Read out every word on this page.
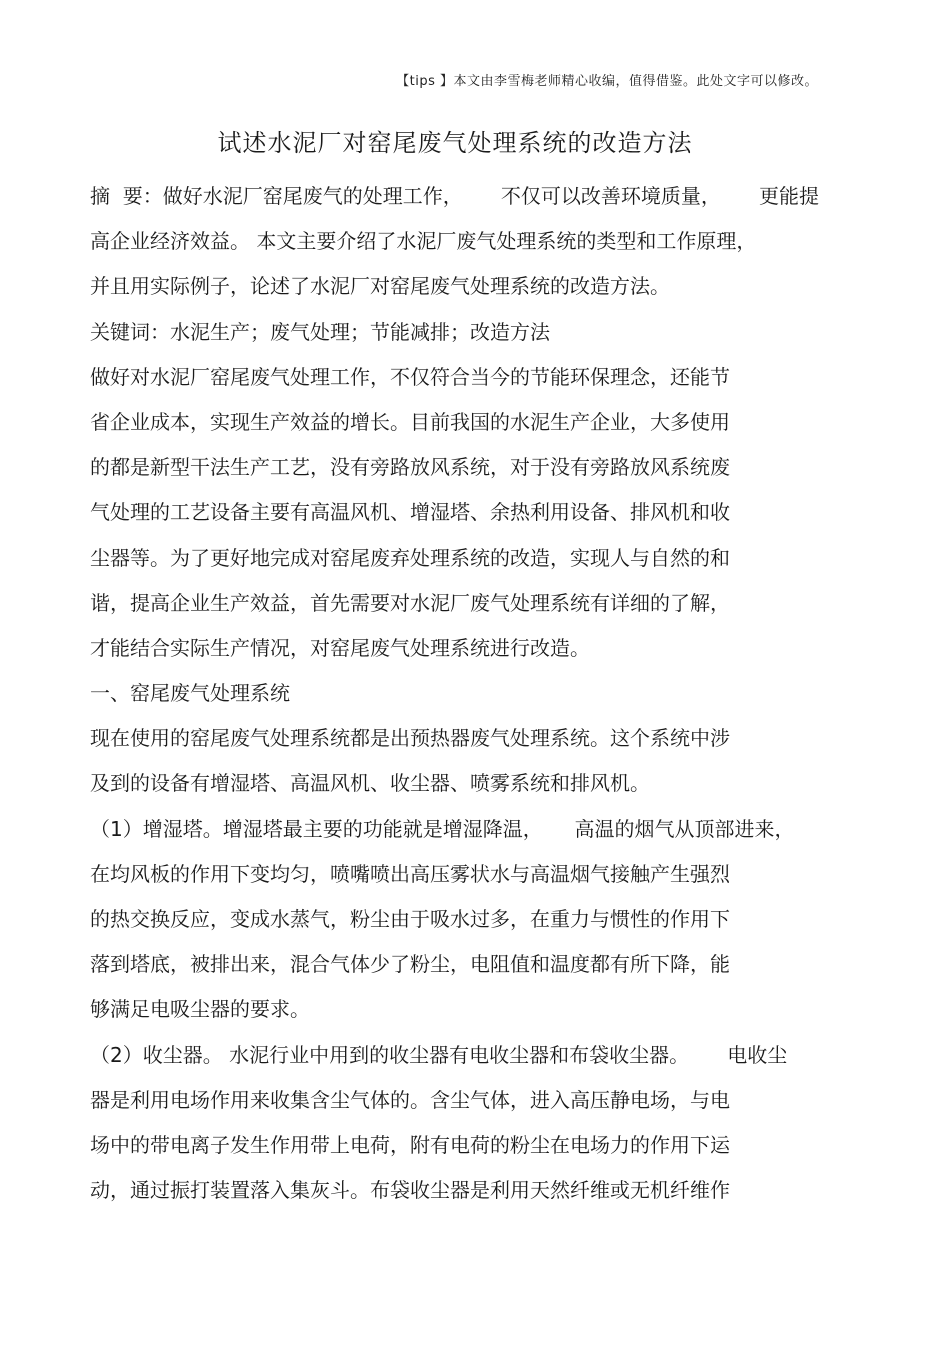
【tips 】本文由李雪梅老师精心收编，值得借鉴。此处文字可以修改。
试述水泥厂对窑尾废气处理系统的改造方法
摘  要：做好水泥厂窑尾废气的处理工作，      不仅可以改善环境质量，      更能提
高企业经济效益。 本文主要介绍了水泥厂废气处理系统的类型和工作原理，
并且用实际例子，论述了水泥厂对窑尾废气处理系统的改造方法。
关键词：水泥生产；废气处理；节能减排；改造方法
做好对水泥厂窑尾废气处理工作，不仅符合当今的节能环保理念，还能节
省企业成本，实现生产效益的增长。目前我国的水泥生产企业，大多使用
的都是新型干法生产工艺，没有旁路放风系统，对于没有旁路放风系统废
气处理的工艺设备主要有高温风机、增湿塔、余热利用设备、排风机和收
尘器等。为了更好地完成对窑尾废弃处理系统的改造，实现人与自然的和
谐，提高企业生产效益，首先需要对水泥厂废气处理系统有详细的了解，
才能结合实际生产情况，对窑尾废气处理系统进行改造。
一、窑尾废气处理系统
现在使用的窑尾废气处理系统都是出预热器废气处理系统。这个系统中涉
及到的设备有增湿塔、高温风机、收尘器、喷雾系统和排风机。
（1）增湿塔。增湿塔最主要的功能就是增湿降温，     高温的烟气从顶部进来，
在均风板的作用下变均匀，喷嘴喷出高压雾状水与高温烟气接触产生强烈
的热交换反应，变成水蒸气，粉尘由于吸水过多，在重力与惯性的作用下
落到塔底，被排出来，混合气体少了粉尘，电阻值和温度都有所下降，能
够满足电吸尘器的要求。
（2）收尘器。 水泥行业中用到的收尘器有电收尘器和布袋收尘器。      电收尘
器是利用电场作用来收集含尘气体的。含尘气体，进入高压静电场，与电
场中的带电离子发生作用带上电荷，附有电荷的粉尘在电场力的作用下运
动，通过振打装置落入集灰斗。布袋收尘器是利用天然纤维或无机纤维作
